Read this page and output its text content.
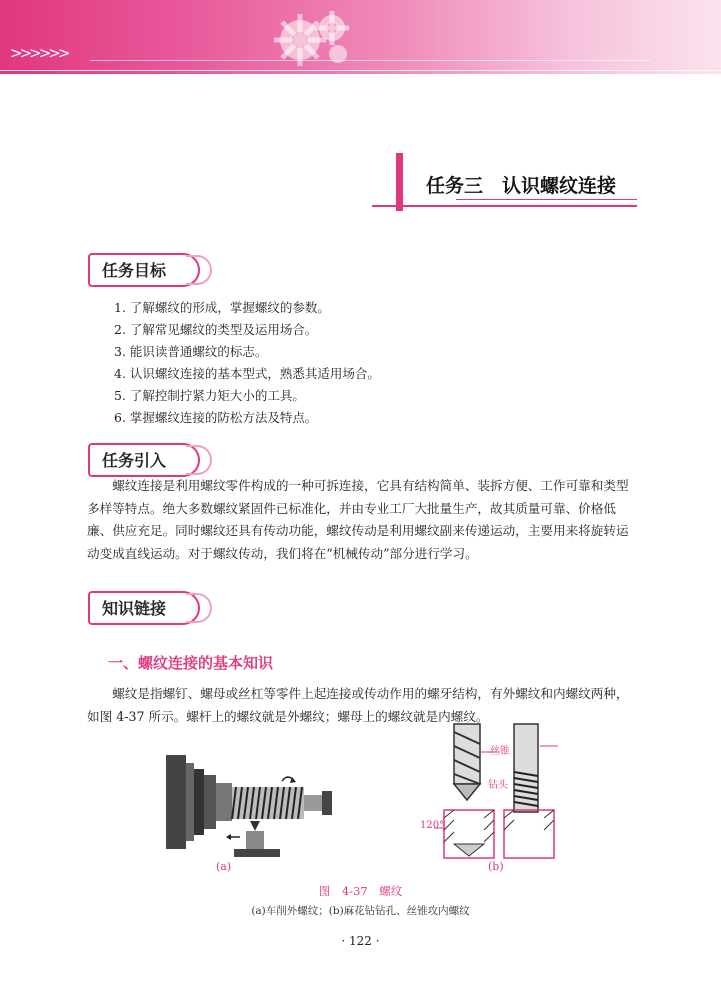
>>>>>>
任务三　认识螺纹连接
任务目标
1. 了解螺纹的形成，掌握螺纹的参数。
2. 了解常见螺纹的类型及运用场合。
3. 能识读普通螺纹的标志。
4. 认识螺纹连接的基本型式，熟悉其适用场合。
5. 了解控制拧紧力矩大小的工具。
6. 掌握螺纹连接的防松方法及特点。
任务引入

螺纹连接是利用螺纹零件构成的一种可拆连接，它具有结构简单、装拆方便、工作可靠和类型多样等特点。绝大多数螺纹紧固件已标准化，并由专业工厂大批量生产，故其质量可靠、价格低廉、供应充足。同时螺纹还具有传动功能，螺纹传动是利用螺纹副来传递运动，主要用来将旋转运动变成直线运动。对于螺纹传动，我们将在“机械传动”部分进行学习。

知识链接
一、螺纹连接的基本知识

螺纹是指螺钉、螺母或丝杠等零件上起连接或传动作用的螺牙结构，有外螺纹和内螺纹两种，如图 4-37 所示。螺杆上的螺纹就是外螺纹；螺母上的螺纹就是内螺纹。

(a)
丝锥
钻头
120°
(b)
图 4-37　螺纹
(a)车削外螺纹；(b)麻花钻钻孔、丝锥攻内螺纹
· 122 ·
